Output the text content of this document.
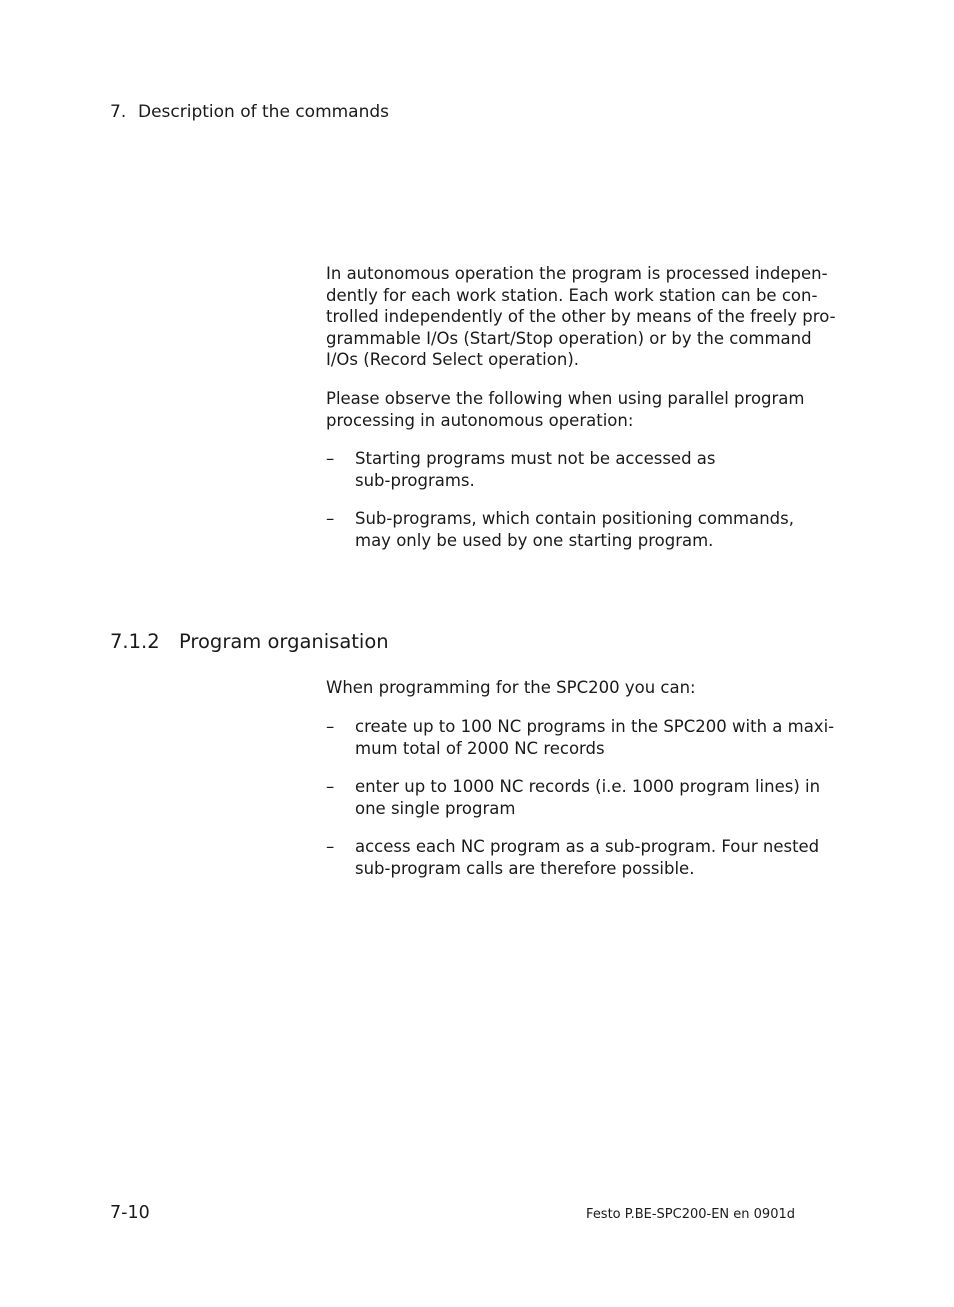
7. Description of the commands
In autonomous operation the program is processed indepen-
dently for each work station. Each work station can be con-
trolled independently of the other by means of the freely pro-
grammable I/Os (Start/Stop operation) or by the command
I/Os (Record Select operation).
Please observe the following when using parallel program
processing in autonomous operation:
– Starting programs must not be accessed as
sub-programs.
– Sub-programs, which contain positioning commands,
may only be used by one starting program.
7.1.2 Program organisation
When programming for the SPC200 you can:
– create up to 100 NC programs in the SPC200 with a maxi-
mum total of 2000 NC records
– enter up to 1000 NC records (i.e. 1000 program lines) in
one single program
– access each NC program as a sub-program. Four nested
sub-program calls are therefore possible.
7-10	Festo P.BE-SPC200-EN en 0901d
